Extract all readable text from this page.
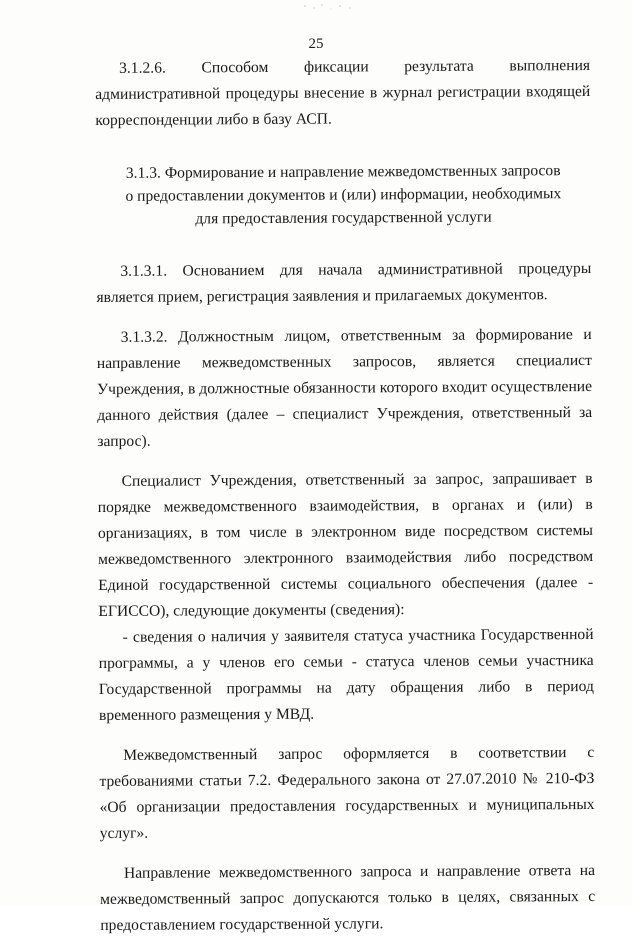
25

3.1.2.6. Способом фиксации результата выполнения административной процедуры внесение в журнал регистрации входящей корреспонденции либо в базу АСП.

3.1.3. Формирование и направление межведомственных запросов о предоставлении документов и (или) информации, необходимых для предоставления государственной услуги

3.1.3.1. Основанием для начала административной процедуры является прием, регистрация заявления и прилагаемых документов.

3.1.3.2. Должностным лицом, ответственным за формирование и направление межведомственных запросов, является специалист Учреждения, в должностные обязанности которого входит осуществление данного действия (далее – специалист Учреждения, ответственный за запрос).

Специалист Учреждения, ответственный за запрос, запрашивает в порядке межведомственного взаимодействия, в органах и (или) в организациях, в том числе в электронном виде посредством системы межведомственного электронного взаимодействия либо посредством Единой государственной системы социального обеспечения (далее - ЕГИССО), следующие документы (сведения):

- сведения о наличия у заявителя статуса участника Государственной программы, а у членов его семьи - статуса членов семьи участника Государственной программы на дату обращения либо в период временного размещения у МВД.

Межведомственный запрос оформляется в соответствии с требованиями статьи 7.2. Федерального закона от 27.07.2010 № 210-ФЗ «Об организации предоставления государственных и муниципальных услуг».

Направление межведомственного запроса и направление ответа на межведомственный запрос допускаются только в целях, связанных с предоставлением государственной услуги.
